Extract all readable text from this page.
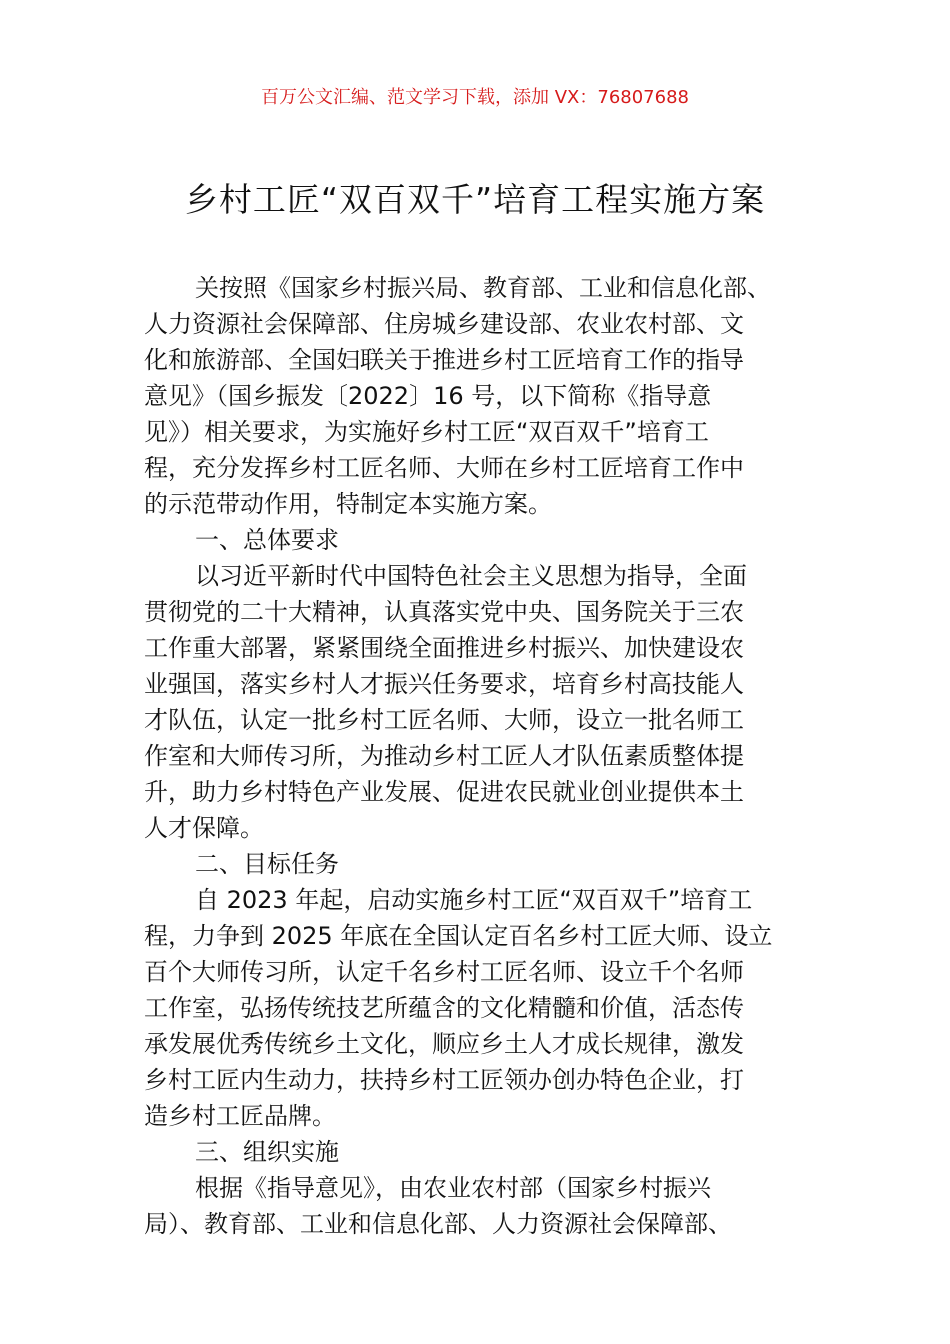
百万公文汇编、范文学习下载，添加 VX：76807688
乡村工匠“双百双千”培育工程实施方案
关按照《国家乡村振兴局、教育部、工业和信息化部、
人力资源社会保障部、住房城乡建设部、农业农村部、文
化和旅游部、全国妇联关于推进乡村工匠培育工作的指导
意见》（国乡振发〔2022〕16 号，以下简称《指导意
见》）相关要求，为实施好乡村工匠“双百双千”培育工
程，充分发挥乡村工匠名师、大师在乡村工匠培育工作中
的示范带动作用，特制定本实施方案。
一、总体要求
以习近平新时代中国特色社会主义思想为指导，全面
贯彻党的二十大精神，认真落实党中央、国务院关于三农
工作重大部署，紧紧围绕全面推进乡村振兴、加快建设农
业强国，落实乡村人才振兴任务要求，培育乡村高技能人
才队伍，认定一批乡村工匠名师、大师，设立一批名师工
作室和大师传习所，为推动乡村工匠人才队伍素质整体提
升，助力乡村特色产业发展、促进农民就业创业提供本土
人才保障。
二、目标任务
自 2023 年起，启动实施乡村工匠“双百双千”培育工
程，力争到 2025 年底在全国认定百名乡村工匠大师、设立
百个大师传习所，认定千名乡村工匠名师、设立千个名师
工作室，弘扬传统技艺所蕴含的文化精髓和价值，活态传
承发展优秀传统乡土文化，顺应乡土人才成长规律，激发
乡村工匠内生动力，扶持乡村工匠领办创办特色企业，打
造乡村工匠品牌。
三、组织实施
根据《指导意见》，由农业农村部（国家乡村振兴
局）、教育部、工业和信息化部、人力资源社会保障部、
